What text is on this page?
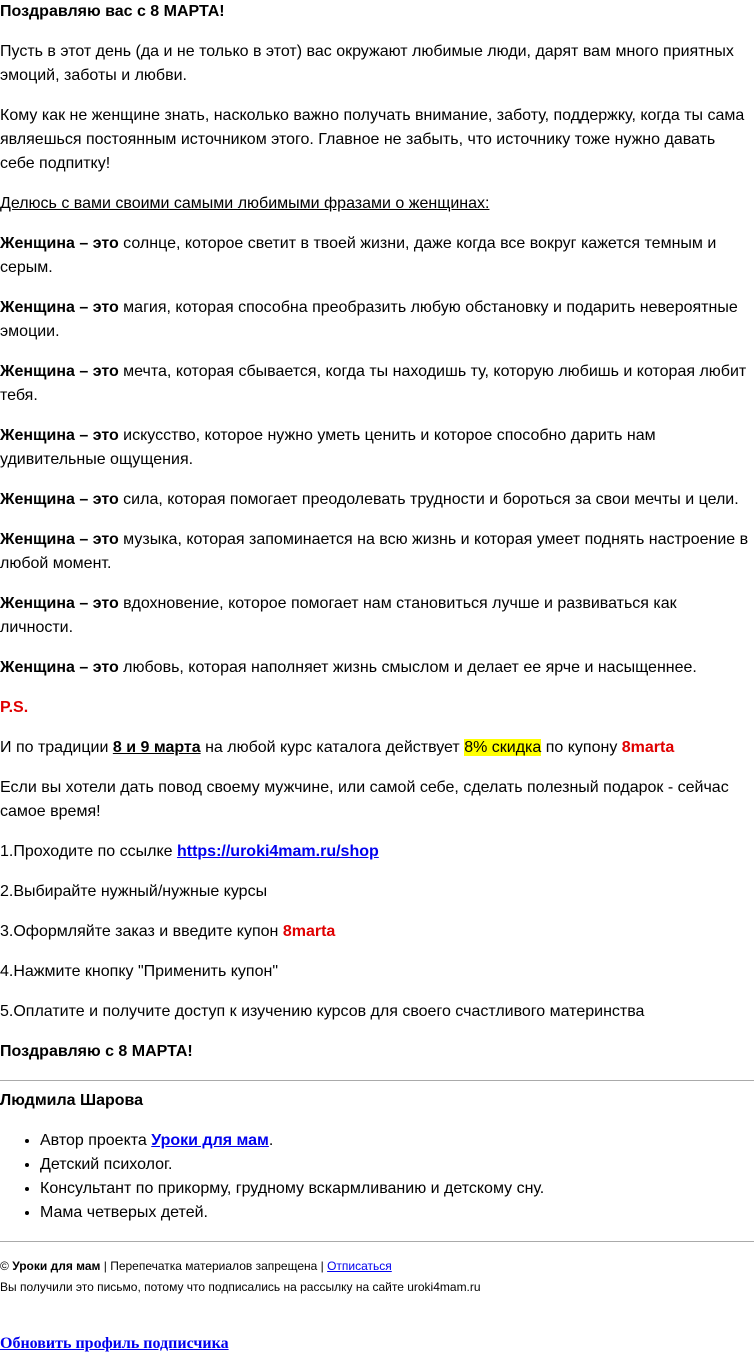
Поздравляю вас с 8 МАРТА!

Пусть в этот день (да и не только в этот) вас окружают любимые люди, дарят вам много приятных эмоций, заботы и любви.

Кому как не женщине знать, насколько важно получать внимание, заботу, поддержку, когда ты сама являешься постоянным источником этого. Главное не забыть, что источнику тоже нужно давать себе подпитку!

Делюсь с вами своими самыми любимыми фразами о женщинах:

Женщина – это солнце, которое светит в твоей жизни, даже когда все вокруг кажется темным и серым.

Женщина – это магия, которая способна преобразить любую обстановку и подарить невероятные эмоции.

Женщина – это мечта, которая сбывается, когда ты находишь ту, которую любишь и которая любит тебя.

Женщина – это искусство, которое нужно уметь ценить и которое способно дарить нам удивительные ощущения.

Женщина – это сила, которая помогает преодолевать трудности и бороться за свои мечты и цели.

Женщина – это музыка, которая запоминается на всю жизнь и которая умеет поднять настроение в любой момент.

Женщина – это вдохновение, которое помогает нам становиться лучше и развиваться как личности.

Женщина – это любовь, которая наполняет жизнь смыслом и делает ее ярче и насыщеннее.

P.S.

И по традиции 8 и 9 марта на любой курс каталога действует 8% скидка по купону 8marta

Если вы хотели дать повод своему мужчине, или самой себе, сделать полезный подарок - сейчас самое время!

1.Проходите по ссылке https://uroki4mam.ru/shop

2.Выбирайте нужный/нужные курсы

3.Оформляйте заказ и введите купон 8marta

4.Нажмите кнопку "Применить купон"

5.Оплатите и получите доступ к изучению курсов для своего счастливого материнства

Поздравляю с 8 МАРТА!

Людмила Шарова
• Автор проекта Уроки для мам.
• Детский психолог.
• Консультант по прикорму, грудному вскармливанию и детскому сну.
• Мама четверых детей.

© Уроки для мам | Перепечатка материалов запрещена | Отписаться

Вы получили это письмо, потому что подписались на рассылку на сайте uroki4mam.ru

Обновить профиль подписчика
